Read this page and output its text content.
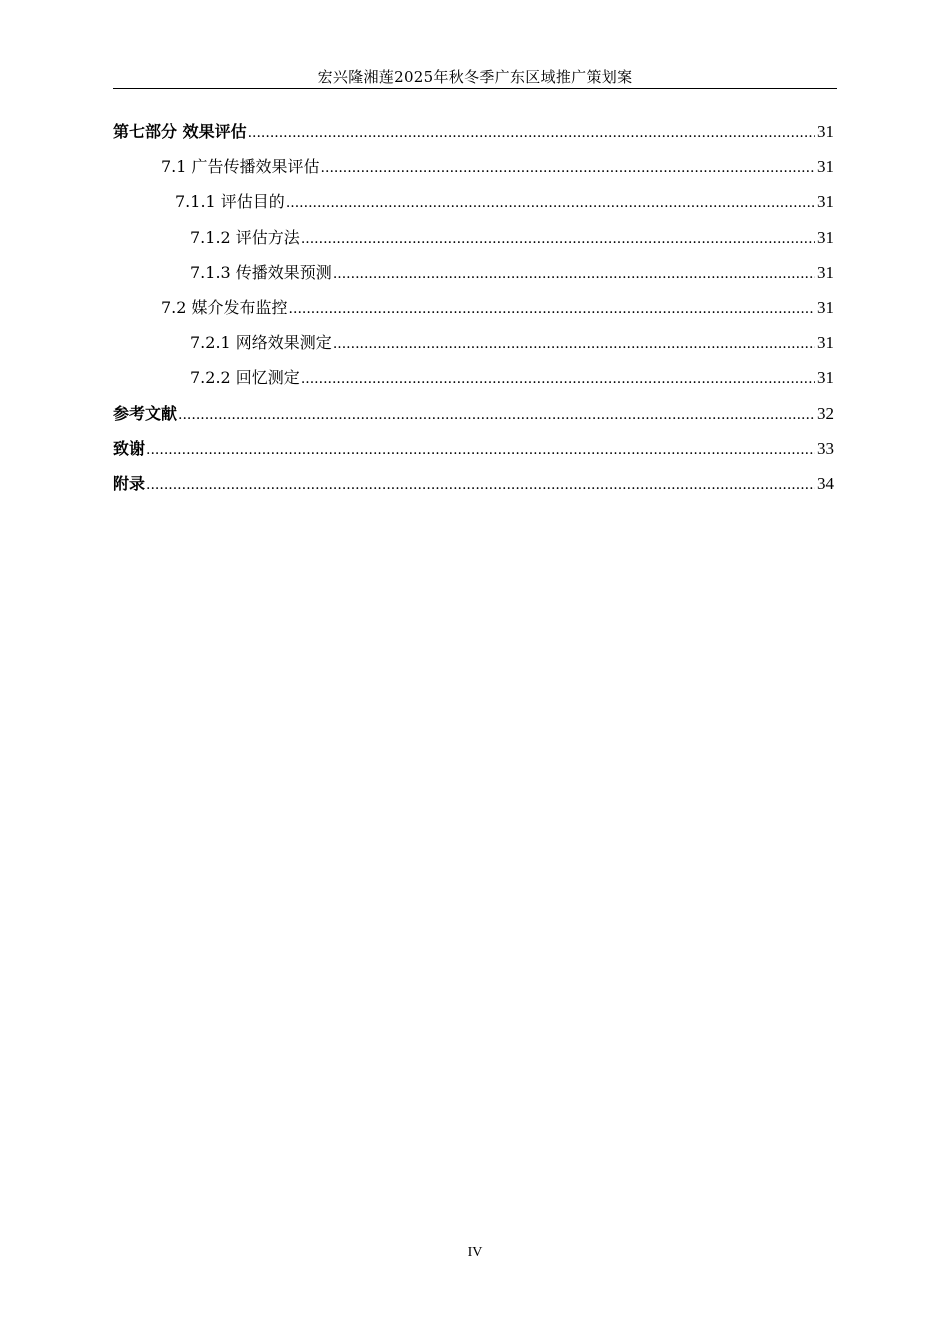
宏兴隆湘莲2025年秋冬季广东区域推广策划案
第七部分 效果评估 .....	31
7.1 广告传播效果评估 .....	31
7.1.1 评估目的 .....	31
7.1.2 评估方法 .....	31
7.1.3 传播效果预测 .....	31
7.2 媒介发布监控 .....	31
7.2.1 网络效果测定 .....	31
7.2.2 回忆测定 .....	31
参考文献 .....	32
致谢 .....	33
附录 .....	34
IV
